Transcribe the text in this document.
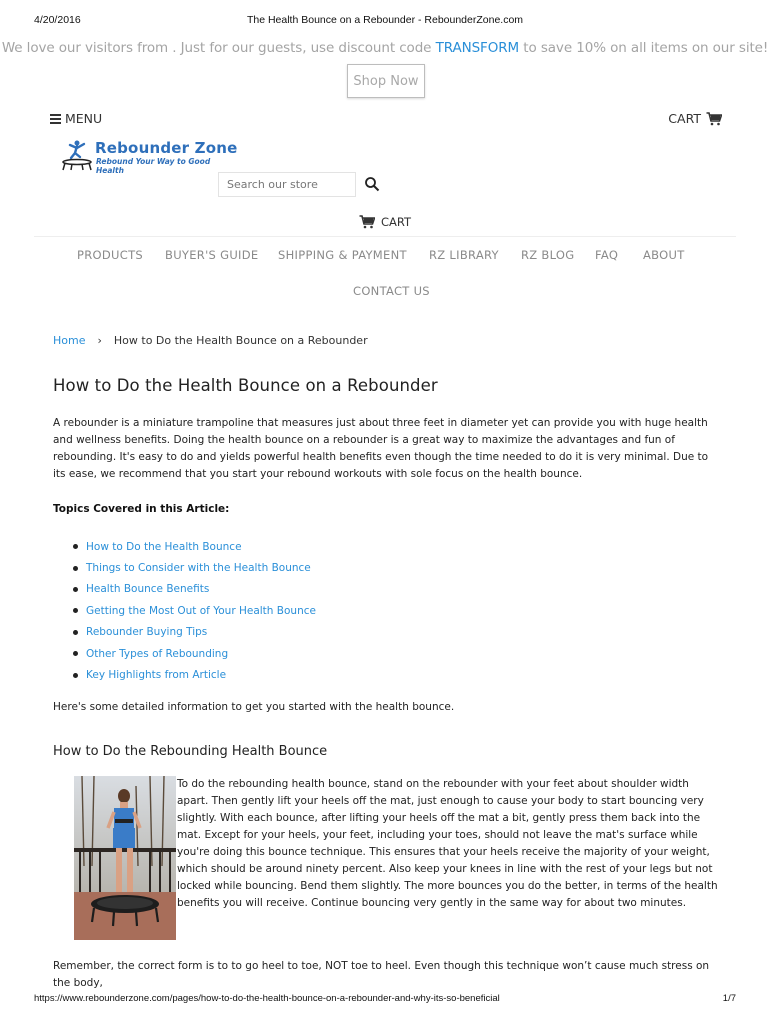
4/20/2016	The Health Bounce on a Rebounder - RebounderZone.com
We love our visitors from . Just for our guests, use discount code TRANSFORM to save 10% on all items on our site!
Shop Now
MENU	CART
Rebounder Zone
Rebound Your Way to Good Health
Search our store
CART
PRODUCTS BUYER'S GUIDE SHIPPING & PAYMENT RZ LIBRARY RZ BLOG FAQ ABOUT
CONTACT US
Home › How to Do the Health Bounce on a Rebounder
How to Do the Health Bounce on a Rebounder

A rebounder is a miniature trampoline that measures just about three feet in diameter yet can provide you with huge health and wellness benefits. Doing the health bounce on a rebounder is a great way to maximize the advantages and fun of rebounding. It's easy to do and yields powerful health benefits even though the time needed to do it is very minimal. Due to its ease, we recommend that you start your rebound workouts with sole focus on the health bounce.

Topics Covered in this Article:
How to Do the Health Bounce
Things to Consider with the Health Bounce
Health Bounce Benefits
Getting the Most Out of Your Health Bounce
Rebounder Buying Tips
Other Types of Rebounding
Key Highlights from Article

Here's some detailed information to get you started with the health bounce.

How to Do the Rebounding Health Bounce

To do the rebounding health bounce, stand on the rebounder with your feet about shoulder width apart. Then gently lift your heels off the mat, just enough to cause your body to start bouncing very slightly. With each bounce, after lifting your heels off the mat a bit, gently press them back into the mat. Except for your heels, your feet, including your toes, should not leave the mat's surface while you're doing this bounce technique. This ensures that your heels receive the majority of your weight, which should be around ninety percent. Also keep your knees in line with the rest of your legs but not locked while bouncing. Bend them slightly. The more bounces you do the better, in terms of the health benefits you will receive. Continue bouncing very gently in the same way for about two minutes.

Remember, the correct form is to to go heel to toe, NOT toe to heel. Even though this technique won’t cause much stress on the body,

https://www.rebounderzone.com/pages/how-to-do-the-health-bounce-on-a-rebounder-and-why-its-so-beneficial	1/7
